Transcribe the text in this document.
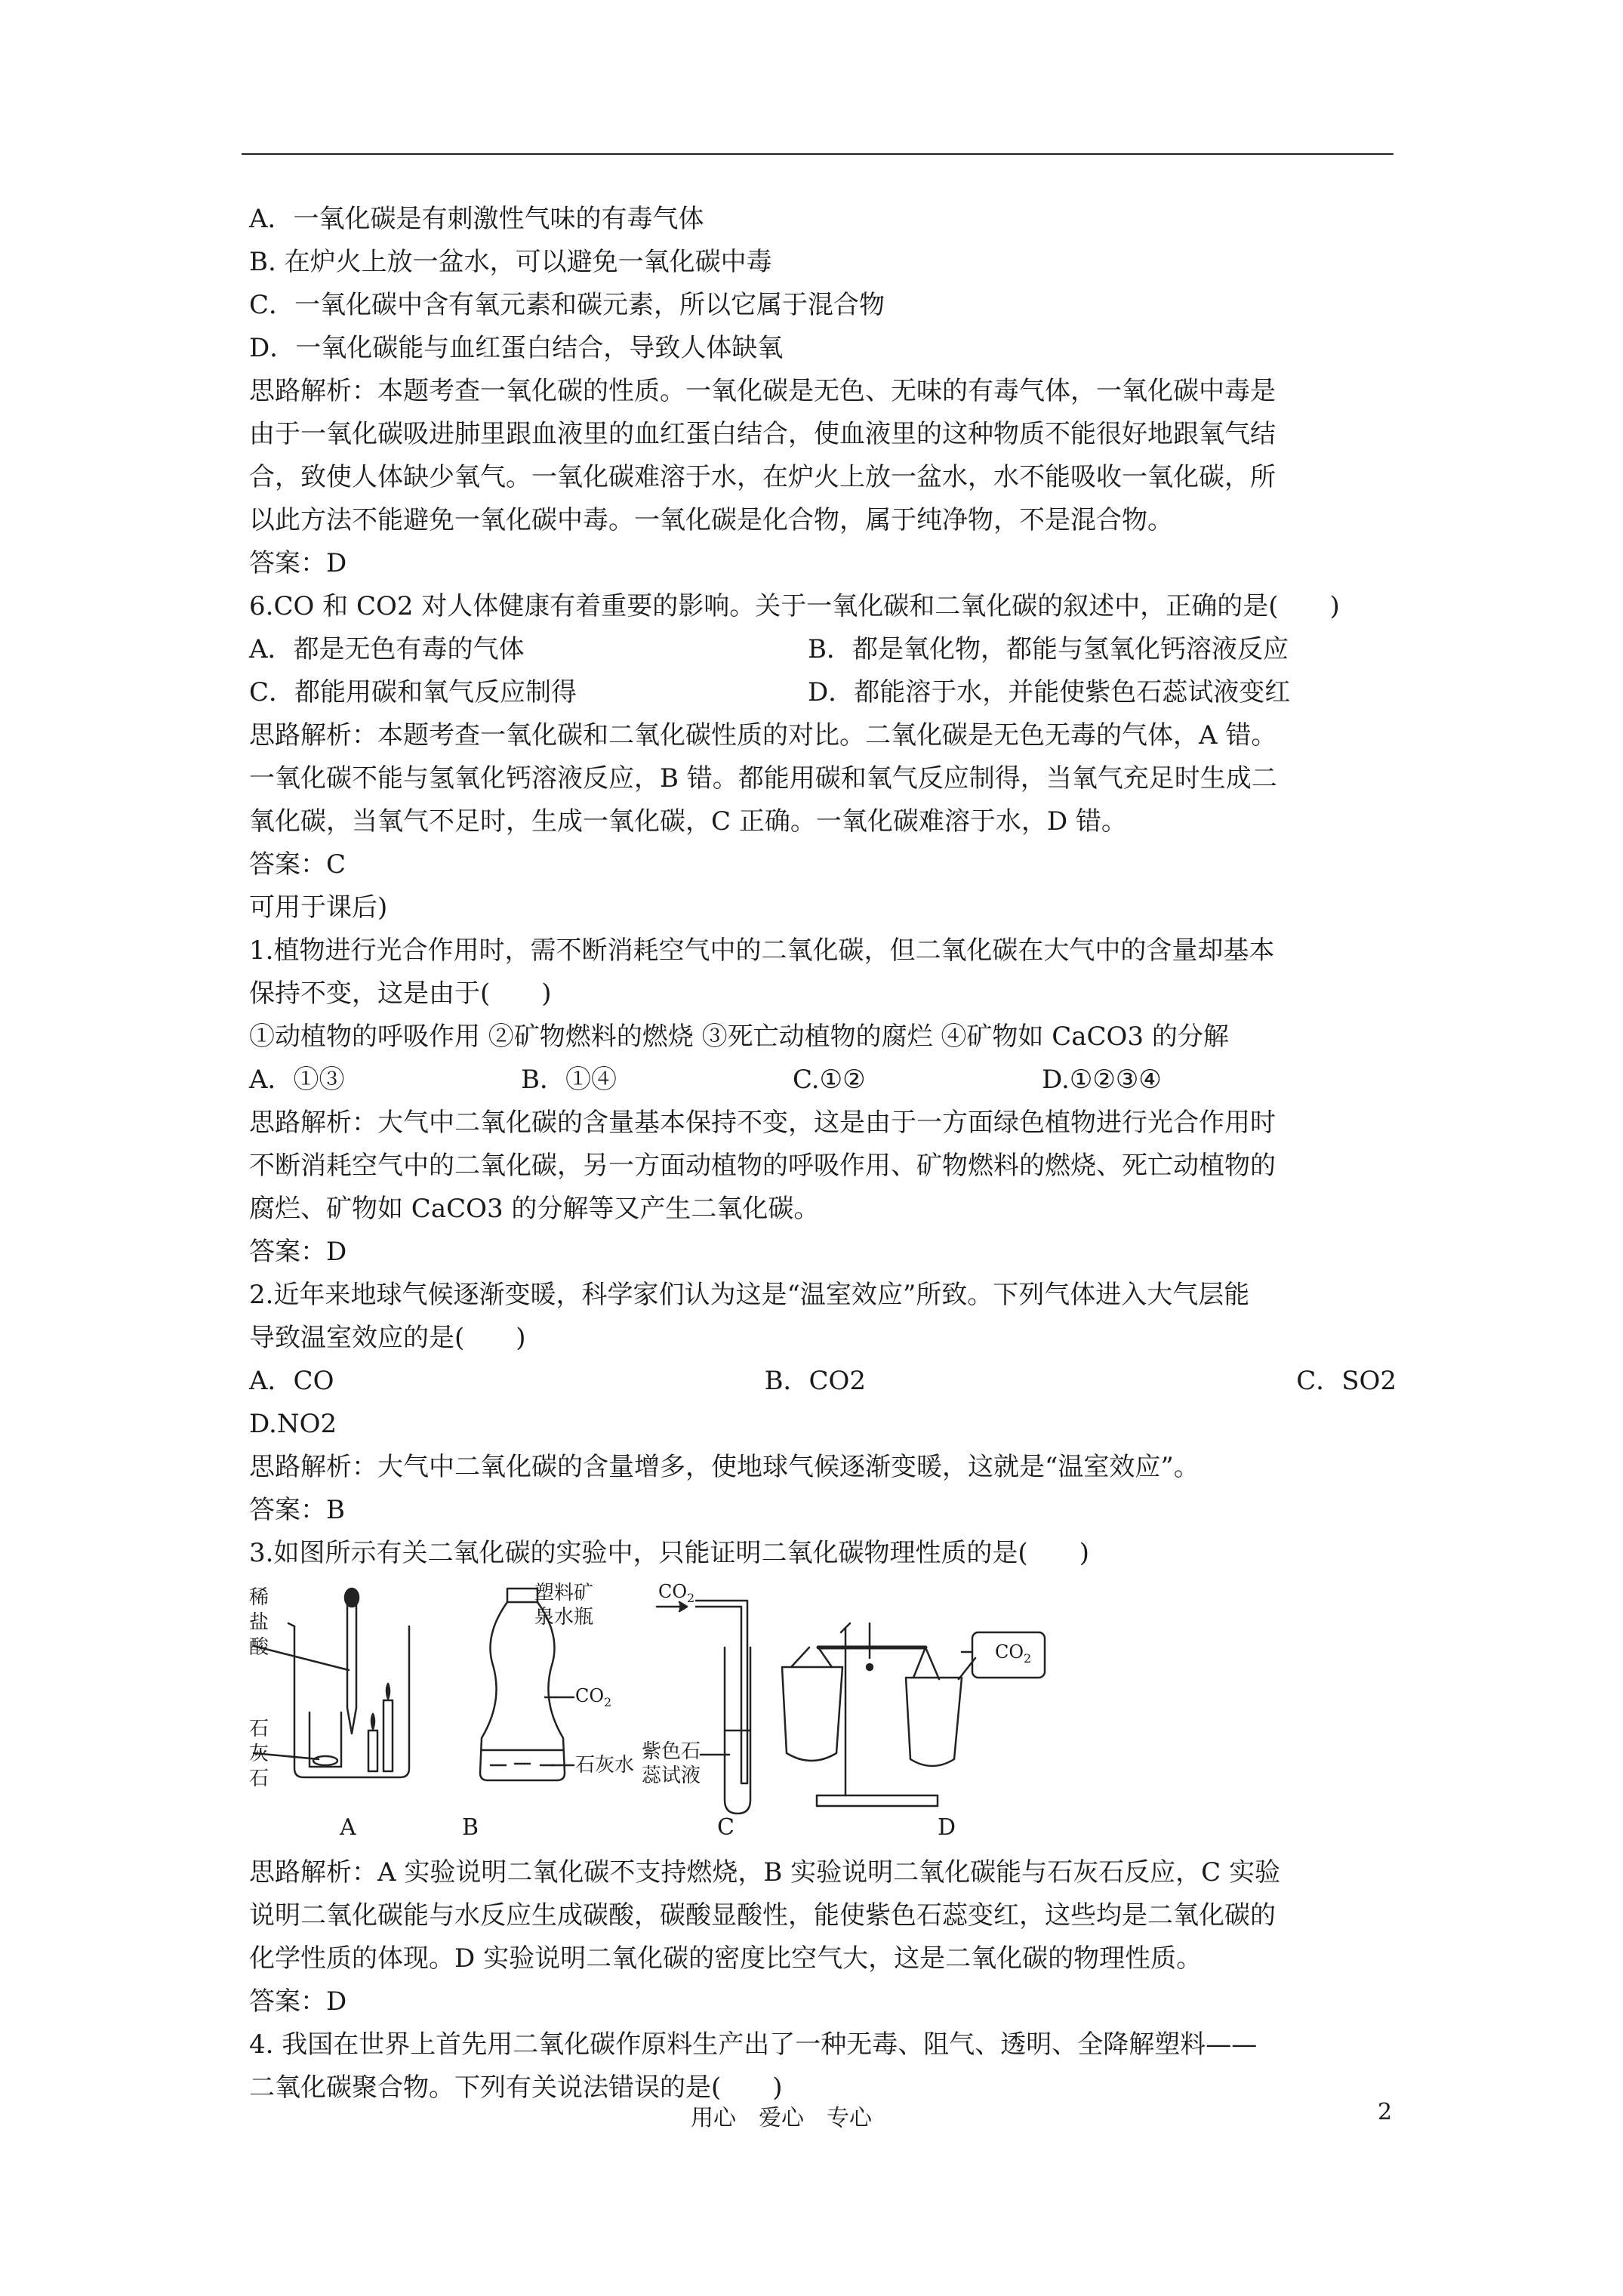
A．一氧化碳是有刺激性气味的有毒气体
B. 在炉火上放一盆水，可以避免一氧化碳中毒
C．一氧化碳中含有氧元素和碳元素，所以它属于混合物
D．一氧化碳能与血红蛋白结合，导致人体缺氧
思路解析：本题考查一氧化碳的性质。一氧化碳是无色、无味的有毒气体，一氧化碳中毒是
由于一氧化碳吸进肺里跟血液里的血红蛋白结合，使血液里的这种物质不能很好地跟氧气结
合，致使人体缺少氧气。一氧化碳难溶于水，在炉火上放一盆水，水不能吸收一氧化碳，所
以此方法不能避免一氧化碳中毒。一氧化碳是化合物，属于纯净物，不是混合物。
答案：D
6.CO 和 CO2 对人体健康有着重要的影响。关于一氧化碳和二氧化碳的叙述中，正确的是(　　)
A．都是无色有毒的气体	B．都是氧化物，都能与氢氧化钙溶液反应
C．都能用碳和氧气反应制得	D．都能溶于水，并能使紫色石蕊试液变红
思路解析：本题考查一氧化碳和二氧化碳性质的对比。二氧化碳是无色无毒的气体，A 错。
一氧化碳不能与氢氧化钙溶液反应，B 错。都能用碳和氧气反应制得，当氧气充足时生成二
氧化碳，当氧气不足时，生成一氧化碳，C 正确。一氧化碳难溶于水，D 错。
答案：C
可用于课后)
1.植物进行光合作用时，需不断消耗空气中的二氧化碳，但二氧化碳在大气中的含量却基本
保持不变，这是由于(　　)
①动植物的呼吸作用 ②矿物燃料的燃烧 ③死亡动植物的腐烂 ④矿物如 CaCO3 的分解
A．①③	B．①④	C.①②	D.①②③④
思路解析：大气中二氧化碳的含量基本保持不变，这是由于一方面绿色植物进行光合作用时
不断消耗空气中的二氧化碳，另一方面动植物的呼吸作用、矿物燃料的燃烧、死亡动植物的
腐烂、矿物如 CaCO3 的分解等又产生二氧化碳。
答案：D
2.近年来地球气候逐渐变暖，科学家们认为这是“温室效应”所致。下列气体进入大气层能
导致温室效应的是(　　)
A．CO	B．CO2	C．SO2
D.NO2
思路解析：大气中二氧化碳的含量增多，使地球气候逐渐变暖，这就是“温室效应”。
答案：B
3.如图所示有关二氧化碳的实验中，只能证明二氧化碳物理性质的是(　　)
稀盐酸
石灰石
塑料矿
泉水瓶
$CO_2$
石灰水
$CO_2$
紫色石
蕊试液
$CO_2$
A	B	C	D
思路解析：A 实验说明二氧化碳不支持燃烧，B 实验说明二氧化碳能与石灰石反应，C 实验
说明二氧化碳能与水反应生成碳酸，碳酸显酸性，能使紫色石蕊变红，这些均是二氧化碳的
化学性质的体现。D 实验说明二氧化碳的密度比空气大，这是二氧化碳的物理性质。
答案：D
4. 我国在世界上首先用二氧化碳作原料生产出了一种无毒、阻气、透明、全降解塑料——
二氧化碳聚合物。下列有关说法错误的是(　　)
用心　爱心　专心	2
